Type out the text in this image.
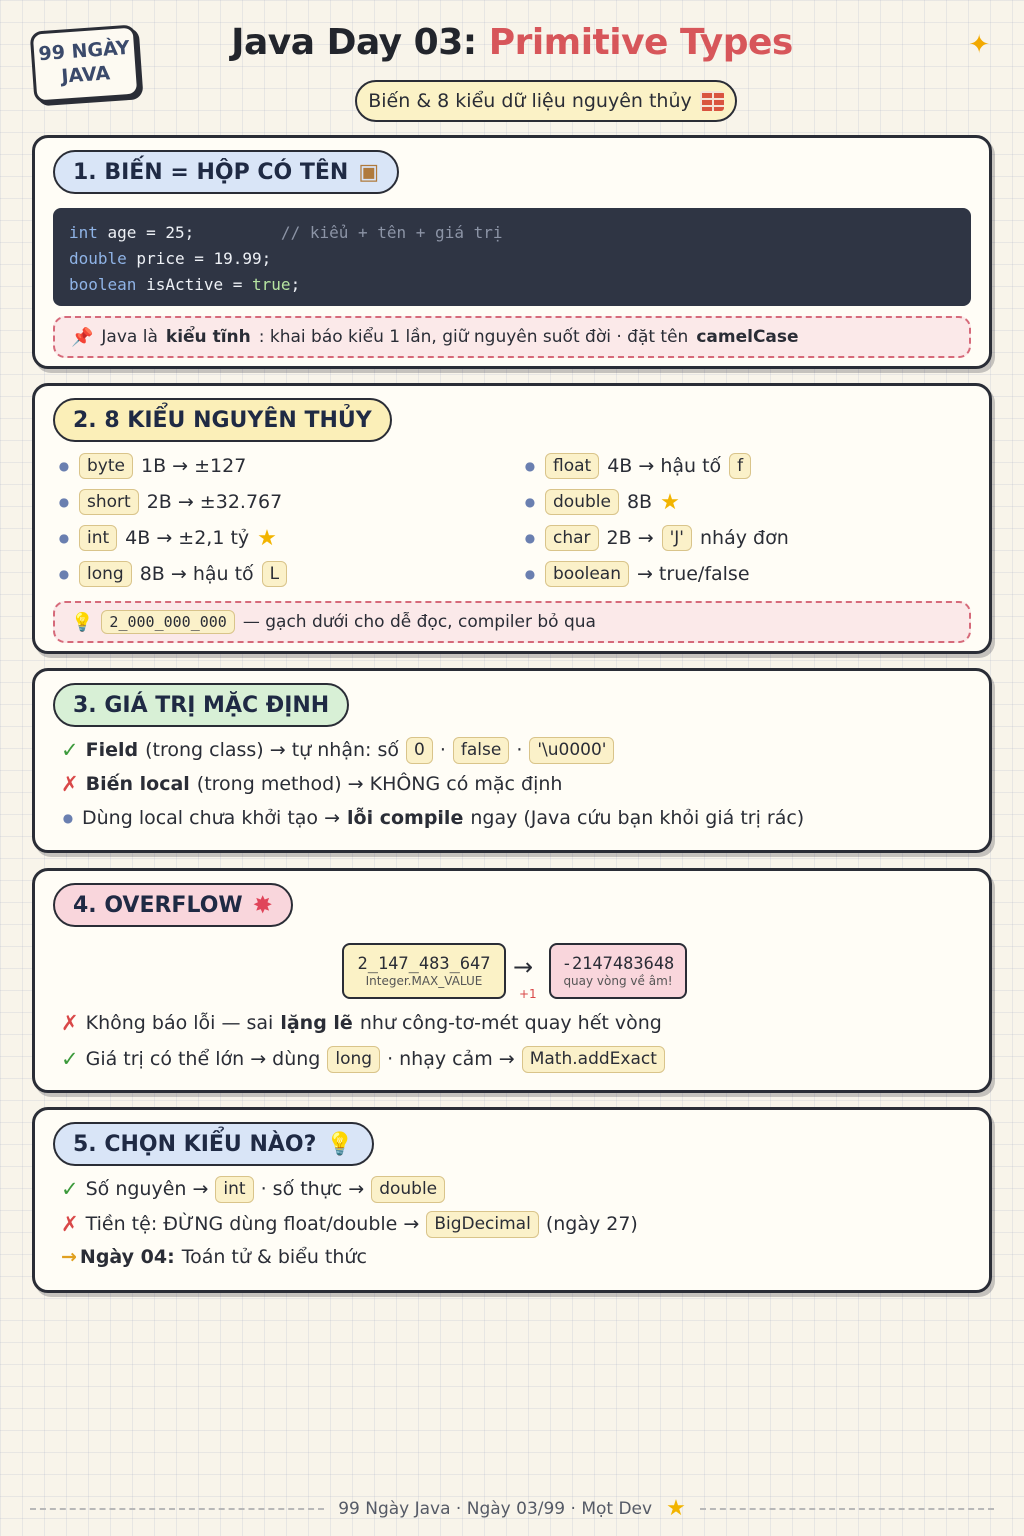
99 NGÀY
JAVA
Java Day 03: Primitive Types	✦
Biến & 8 kiểu dữ liệu nguyên thủy
1. BIẾN = HỘP CÓ TÊN ▣
int age = 25;         // kiểu + tên + giá trị
double price = 19.99;
boolean isActive = true;
📌 Java là kiểu tĩnh : khai báo kiểu 1 lần, giữ nguyên suốt đời · đặt tên camelCase
2. 8 KIỂU NGUYÊN THỦY
●	byte 1B → ±127
●	short 2B → ±32.767
●	int 4B → ±2,1 tỷ ★
●	long 8B → hậu tố L
●	float 4B → hậu tố f
●	double 8B ★
●	char 2B → 'J' nháy đơn
●	boolean → true/false
💡	2_000_000_000 — gạch dưới cho dễ đọc, compiler bỏ qua
3. GIÁ TRỊ MẶC ĐỊNH
✓ Field (trong class) → tự nhận: số 0 · false · '\u0000'
✗ Biến local (trong method) → KHÔNG có mặc định
● Dùng local chưa khởi tạo → lỗi compile ngay (Java cứu bạn khỏi giá trị rác)
4. OVERFLOW ✸
2_147_483_647
Integer.MAX_VALUE →
+1
-2147483648
quay vòng về âm!
✗ Không báo lỗi — sai lặng lẽ như công-tơ-mét quay hết vòng
✓ Giá trị có thể lớn → dùng long · nhạy cảm → Math.addExact
5. CHỌN KIỂU NÀO? 💡
✓ Số nguyên → int · số thực → double
✗ Tiền tệ: ĐỪNG dùng float/double → BigDecimal (ngày 27)
→ Ngày 04: Toán tử & biểu thức
99 Ngày Java · Ngày 03/99 · Mọt Dev ★
